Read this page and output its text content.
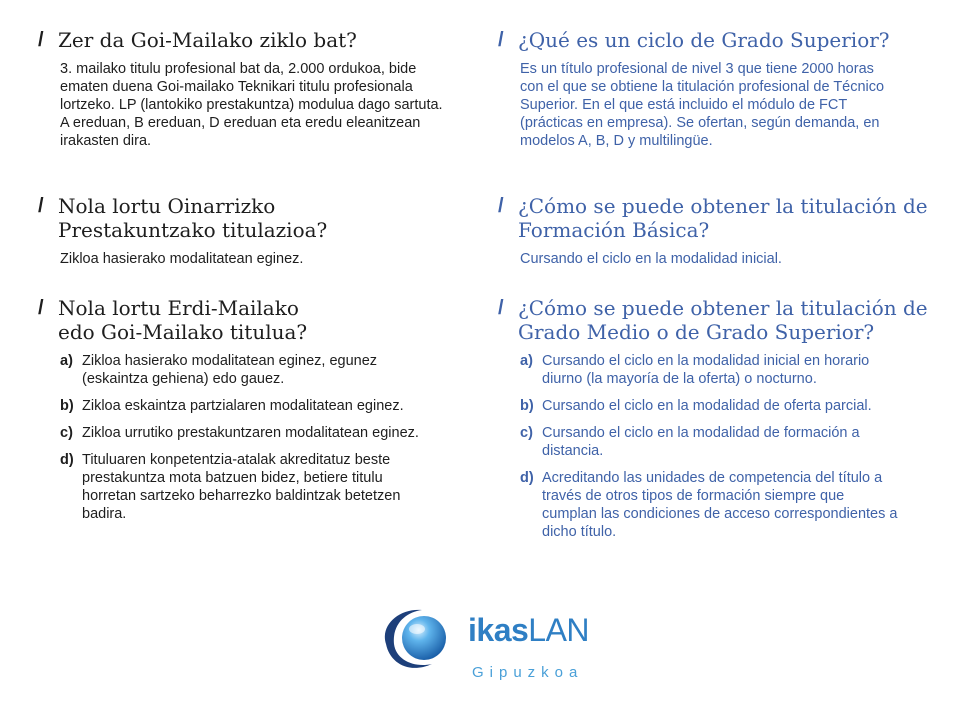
/ Zer da Goi-Mailako ziklo bat?

3. mailako titulu profesional bat da, 2.000 ordukoa, bide ematen duena Goi-mailako Teknikari titulu profesionala lortzeko. LP (lantokiko prestakuntza) modulua dago sartuta. A ereduan, B ereduan, D ereduan eta eredu eleanitzean irakasten dira.

/ Nola lortu Oinarrizko Prestakuntzako titulazioa?

Zikloa hasierako modalitatean eginez.

/ Nola lortu Erdi-Mailako edo Goi-Mailako titulua?
a) Zikloa hasierako modalitatean eginez, egunez (eskaintza gehiena) edo gauez.
b) Zikloa eskaintza partzialaren modalitatean eginez.
c) Zikloa urrutiko prestakuntzaren modalitatean eginez.
d) Tituluaren konpetentzia-atalak akreditatuz beste prestakuntza mota batzuen bidez, betiere titulu horretan sartzeko beharrezko baldintzak betetzen badira.
/ ¿Qué es un ciclo de Grado Superior?

Es un título profesional de nivel 3 que tiene 2000 horas con el que se obtiene la titulación profesional de Técnico Superior. En el que está incluido el módulo de FCT (prácticas en empresa). Se ofertan, según demanda, en modelos A, B, D y multilingüe.

/ ¿Cómo se puede obtener la titulación de Formación Básica?

Cursando el ciclo en la modalidad inicial.

/ ¿Cómo se puede obtener la titulación de Grado Medio o de Grado Superior?
a) Cursando el ciclo en la modalidad inicial en horario diurno (la mayoría de la oferta) o nocturno.
b) Cursando el ciclo en la modalidad de oferta parcial.
c) Cursando el ciclo en la modalidad de formación a distancia.
d) Acreditando las unidades de competencia del título a través de otros tipos de formación siempre que cumplan las condiciones de acceso correspondientes a dicho título.
ikasLAN
Gipuzkoa
